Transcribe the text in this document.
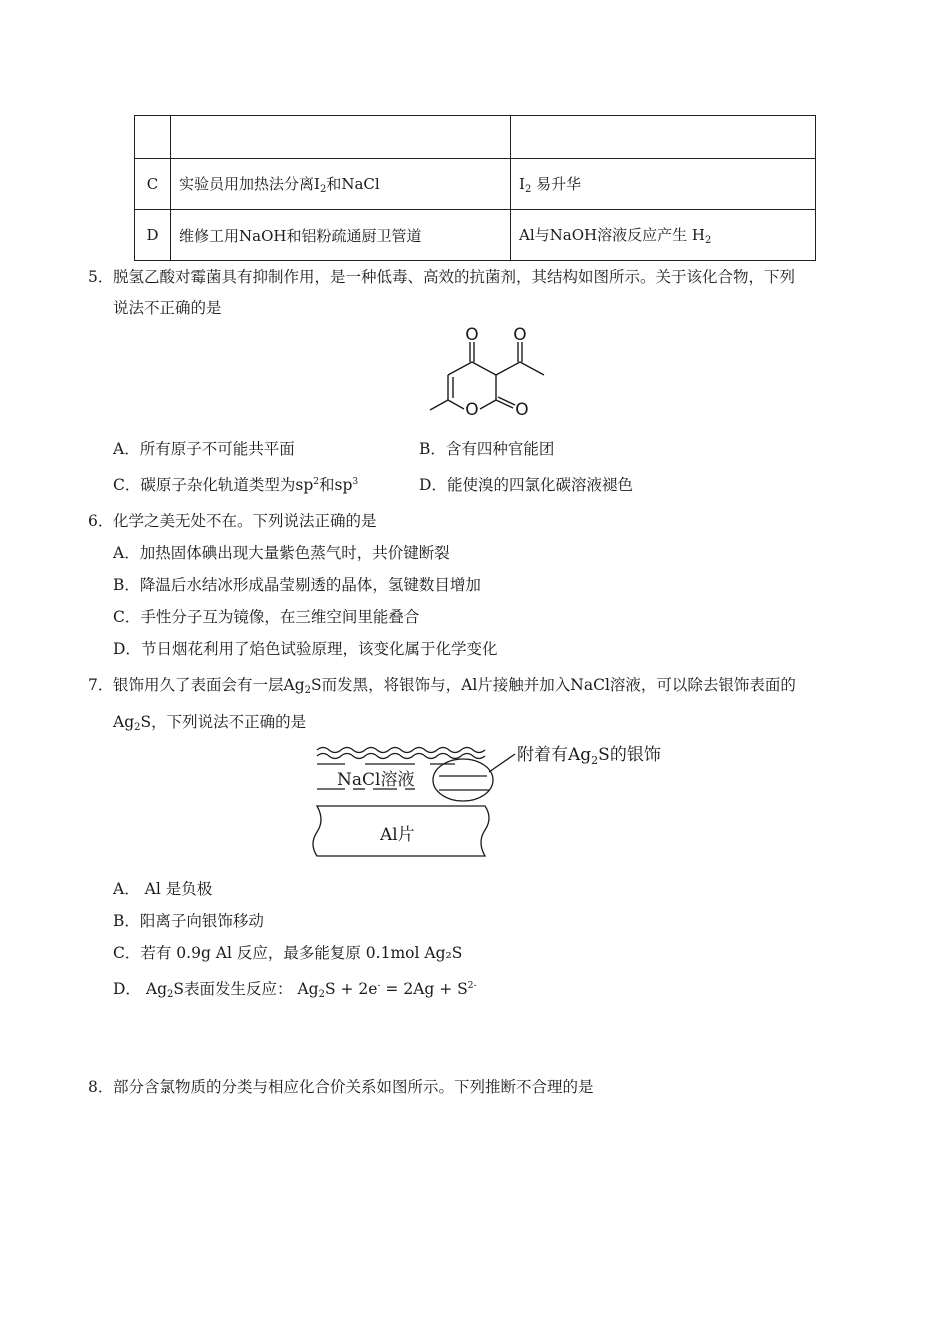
C	实验员用加热法分离$I_2$和NaCl	$I_2$ 易升华
D	维修工用NaOH和铝粉疏通厨卫管道	Al与NaOH溶液反应产生 $H_2$
5． 脱氢乙酸对霉菌具有抑制作用，是一种低毒、高效的抗菌剂，其结构如图所示。关于该化合物，下列
说法不正确的是
O O
O O
A．所有原子不可能共平面	B．含有四种官能团
C．碳原子杂化轨道类型为$sp^2$和$sp^3$	D．能使溴的四氯化碳溶液褪色
6． 化学之美无处不在。下列说法正确的是
A．加热固体碘出现大量紫色蒸气时，共价键断裂
B．降温后水结冰形成晶莹剔透的晶体，氢键数目增加
C．手性分子互为镜像，在三维空间里能叠合
D．节日烟花利用了焰色试验原理，该变化属于化学变化
7． 银饰用久了表面会有一层$Ag_2S$而发黑，将银饰与，Al片接触并加入NaCl溶液，可以除去银饰表面的
$Ag_2S$，下列说法不正确的是
NaCl溶液
Al片
附着有$Ag_2S$的银饰
A． Al 是负极
B．阳离子向银饰移动
C．若有 0.9g Al 反应，最多能复原 0.1mol Ag₂S
D． $Ag_2S$表面发生反应： $Ag_2S + 2e^- = 2Ag + S^{2-}$
8． 部分含氯物质的分类与相应化合价关系如图所示。下列推断不合理的是
